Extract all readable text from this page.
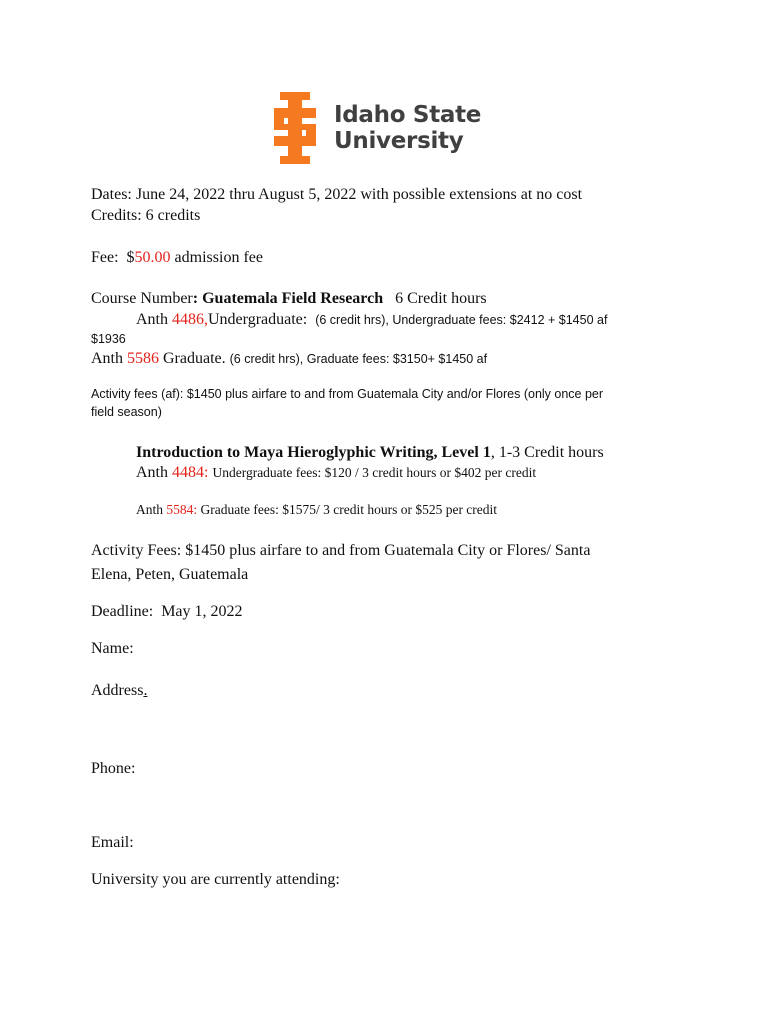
Idaho State
University
Dates: June 24, 2022 thru August 5, 2022 with possible extensions at no cost
Credits: 6 credits
Fee: $50.00 admission fee
Course Number: Guatemala Field Research 6 Credit hours
Anth 4486,Undergraduate: (6 credit hrs), Undergraduate fees: $2412 + $1450 af
$1936
Anth 5586 Graduate. (6 credit hrs), Graduate fees: $3150+ $1450 af
Activity fees (af): $1450 plus airfare to and from Guatemala City and/or Flores (only once per
field season)
Introduction to Maya Hieroglyphic Writing, Level 1, 1-3 Credit hours
Anth 4484: Undergraduate fees: $120 / 3 credit hours or $402 per credit
Anth 5584: Graduate fees: $1575/ 3 credit hours or $525 per credit
Activity Fees: $1450 plus airfare to and from Guatemala City or Flores/ Santa
Elena, Peten, Guatemala
Deadline: May 1, 2022
Name:
Address.
Phone:
Email:
University you are currently attending:
